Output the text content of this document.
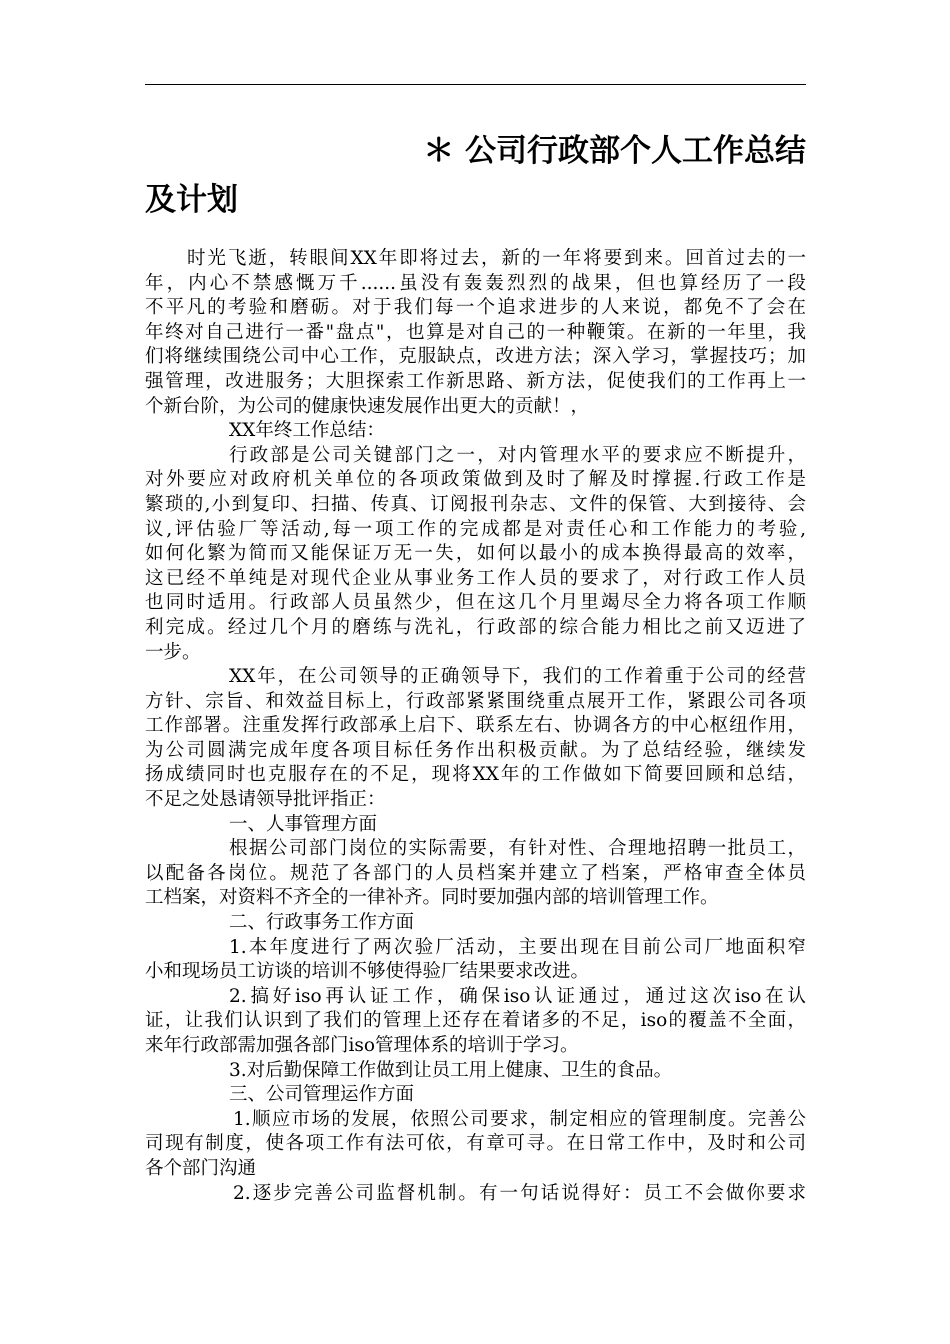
＊ 公司行政部个人工作总结
及计划
时光飞逝，转眼间XX年即将过去，新的一年将要到来。回首过去的一
年，内心不禁感慨万千......虽没有轰轰烈烈的战果，但也算经历了一段
不平凡的考验和磨砺。对于我们每一个追求进步的人来说，都免不了会在
年终对自己进行一番"盘点"，也算是对自己的一种鞭策。在新的一年里，我
们将继续围绕公司中心工作，克服缺点，改进方法；深入学习，掌握技巧；加
强管理，改进服务；大胆探索工作新思路、新方法，促使我们的工作再上一
个新台阶，为公司的健康快速发展作出更大的贡献！，
XX年终工作总结：
行政部是公司关键部门之一，对内管理水平的要求应不断提升，
对外要应对政府机关单位的各项政策做到及时了解及时撑握.行政工作是
繁琐的,小到复印、扫描、传真、订阅报刊杂志、文件的保管、大到接待、会
议,评估验厂等活动,每一项工作的完成都是对责任心和工作能力的考验,
如何化繁为简而又能保证万无一失，如何以最小的成本换得最高的效率，
这已经不单纯是对现代企业从事业务工作人员的要求了，对行政工作人员
也同时适用。行政部人员虽然少，但在这几个月里竭尽全力将各项工作顺
利完成。经过几个月的磨练与洗礼，行政部的综合能力相比之前又迈进了
一步。
XX年，在公司领导的正确领导下，我们的工作着重于公司的经营
方针、宗旨、和效益目标上，行政部紧紧围绕重点展开工作，紧跟公司各项
工作部署。注重发挥行政部承上启下、联系左右、协调各方的中心枢纽作用，
为公司圆满完成年度各项目标任务作出积极贡献。为了总结经验，继续发
扬成绩同时也克服存在的不足，现将XX年的工作做如下简要回顾和总结，
不足之处恳请领导批评指正：
一、人事管理方面
根据公司部门岗位的实际需要，有针对性、合理地招聘一批员工，
以配备各岗位。规范了各部门的人员档案并建立了档案，严格审查全体员
工档案，对资料不齐全的一律补齐。同时要加强内部的培训管理工作。
二、行政事务工作方面
1.本年度进行了两次验厂活动，主要出现在目前公司厂地面积窄
小和现场员工访谈的培训不够使得验厂结果要求改进。
2.搞好iso再认证工作，确保iso认证通过，通过这次iso在认
证，让我们认识到了我们的管理上还存在着诸多的不足，iso的覆盖不全面，
来年行政部需加强各部门iso管理体系的培训于学习。
3.对后勤保障工作做到让员工用上健康、卫生的食品。
三、公司管理运作方面
1.顺应市场的发展，依照公司要求，制定相应的管理制度。完善公
司现有制度，使各项工作有法可依，有章可寻。在日常工作中，及时和公司
各个部门沟通
2.逐步完善公司监督机制。有一句话说得好：员工不会做你要求
